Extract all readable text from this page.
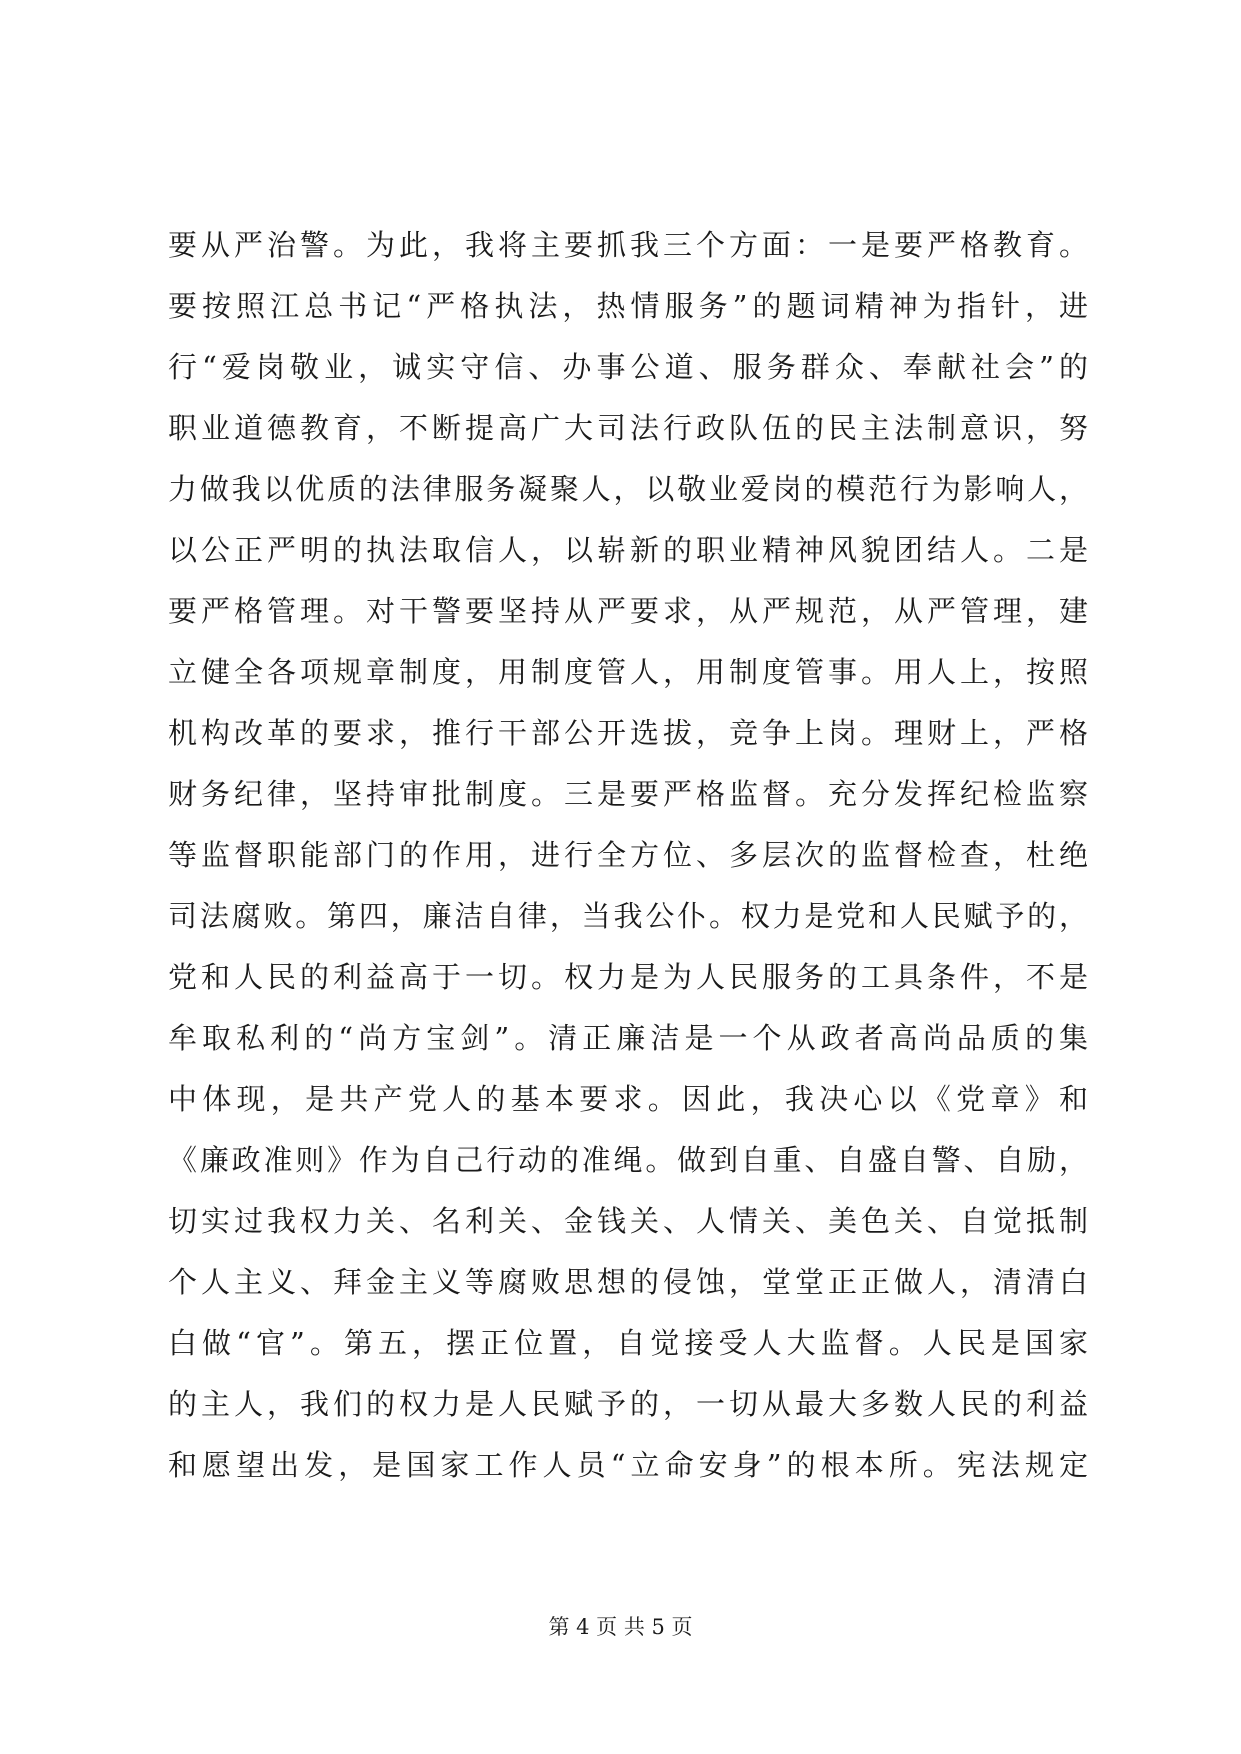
要从严治警。为此，我将主要抓我三个方面：一是要严格教育。
要按照江总书记“严格执法，热情服务”的题词精神为指针，进
行“爱岗敬业，诚实守信、办事公道、服务群众、奉献社会”的
职业道德教育，不断提高广大司法行政队伍的民主法制意识，努
力做我以优质的法律服务凝聚人，以敬业爱岗的模范行为影响人，
以公正严明的执法取信人，以崭新的职业精神风貌团结人。二是
要严格管理。对干警要坚持从严要求，从严规范，从严管理，建
立健全各项规章制度，用制度管人，用制度管事。用人上，按照
机构改革的要求，推行干部公开选拔，竞争上岗。理财上，严格
财务纪律，坚持审批制度。三是要严格监督。充分发挥纪检监察
等监督职能部门的作用，进行全方位、多层次的监督检查，杜绝
司法腐败。第四，廉洁自律，当我公仆。权力是党和人民赋予的，
党和人民的利益高于一切。权力是为人民服务的工具条件，不是
牟取私利的“尚方宝剑”。清正廉洁是一个从政者高尚品质的集
中体现，是共产党人的基本要求。因此，我决心以《党章》和
《廉政准则》作为自己行动的准绳。做到自重、自盛自警、自励，
切实过我权力关、名利关、金钱关、人情关、美色关、自觉抵制
个人主义、拜金主义等腐败思想的侵蚀，堂堂正正做人，清清白
白做“官”。第五，摆正位置，自觉接受人大监督。人民是国家
的主人，我们的权力是人民赋予的，一切从最大多数人民的利益
和愿望出发，是国家工作人员“立命安身”的根本所。宪法规定
第 4 页 共 5 页
